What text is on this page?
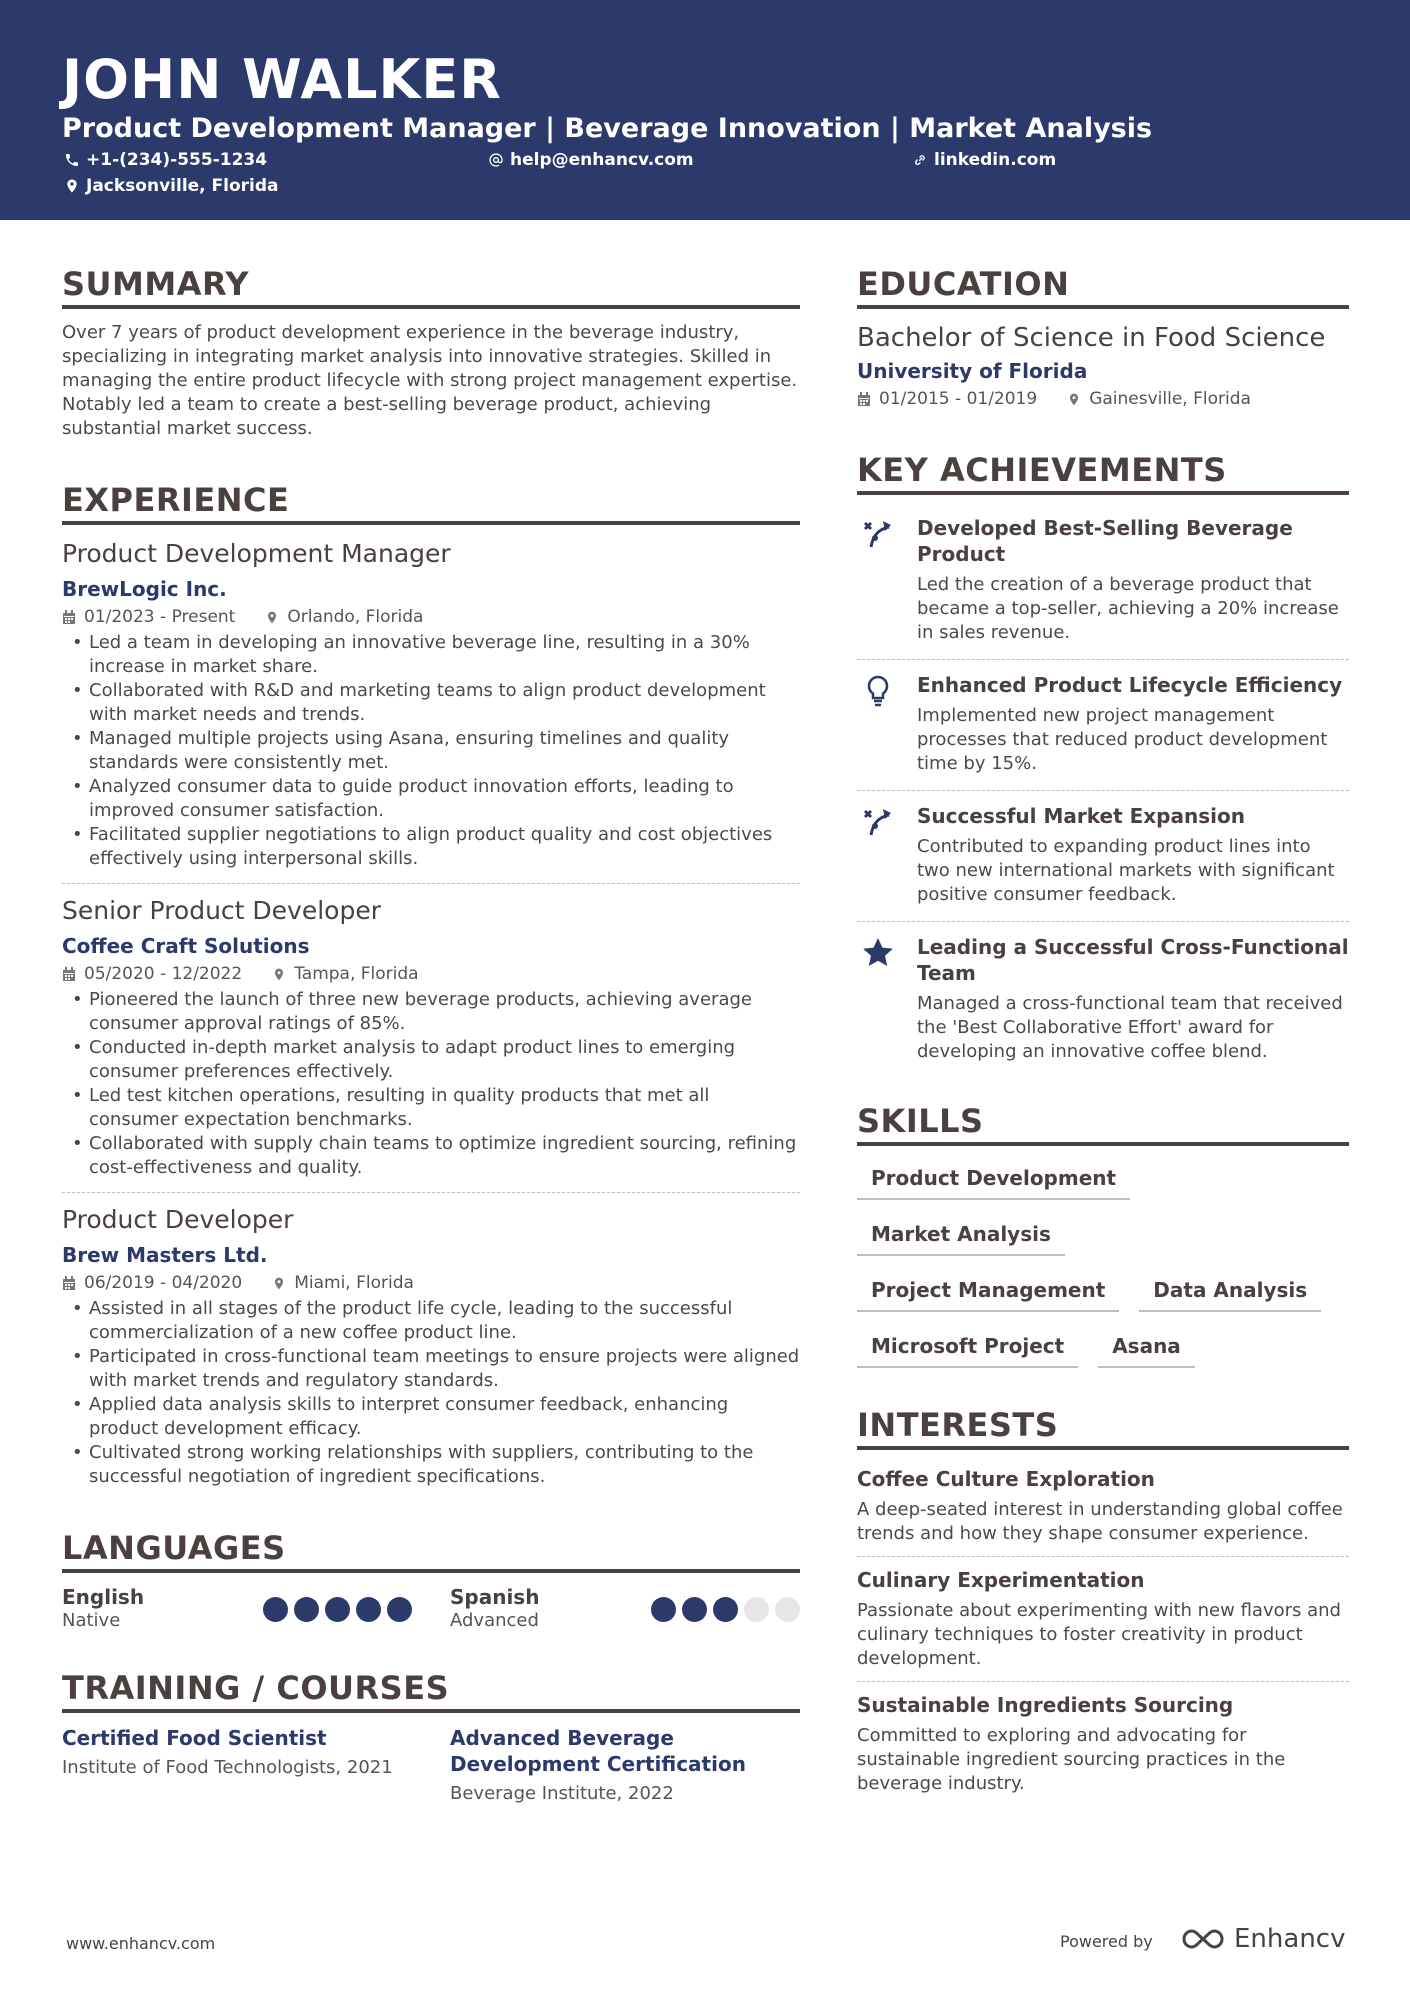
JOHN WALKER
Product Development Manager | Beverage Innovation | Market Analysis
+1-(234)-555-1234	help@enhancv.com	linkedin.com
Jacksonville, Florida
SUMMARY
Over 7 years of product development experience in the beverage industry, specializing in integrating market analysis into innovative strategies. Skilled in managing the entire product lifecycle with strong project management expertise. Notably led a team to create a best-selling beverage product, achieving substantial market success.
EXPERIENCE
Product Development Manager
BrewLogic Inc.
01/2023 - Present	Orlando, Florida
• Led a team in developing an innovative beverage line, resulting in a 30% increase in market share.
• Collaborated with R&D and marketing teams to align product development with market needs and trends.
• Managed multiple projects using Asana, ensuring timelines and quality standards were consistently met.
• Analyzed consumer data to guide product innovation efforts, leading to improved consumer satisfaction.
• Facilitated supplier negotiations to align product quality and cost objectives effectively using interpersonal skills.
Senior Product Developer
Coffee Craft Solutions
05/2020 - 12/2022	Tampa, Florida
• Pioneered the launch of three new beverage products, achieving average consumer approval ratings of 85%.
• Conducted in-depth market analysis to adapt product lines to emerging consumer preferences effectively.
• Led test kitchen operations, resulting in quality products that met all consumer expectation benchmarks.
• Collaborated with supply chain teams to optimize ingredient sourcing, refining cost-effectiveness and quality.
Product Developer
Brew Masters Ltd.
06/2019 - 04/2020	Miami, Florida
• Assisted in all stages of the product life cycle, leading to the successful commercialization of a new coffee product line.
• Participated in cross-functional team meetings to ensure projects were aligned with market trends and regulatory standards.
• Applied data analysis skills to interpret consumer feedback, enhancing product development efficacy.
• Cultivated strong working relationships with suppliers, contributing to the successful negotiation of ingredient specifications.
LANGUAGES
English
Native
Spanish
Advanced
TRAINING / COURSES
Certified Food Scientist
Institute of Food Technologists, 2021
Advanced Beverage Development Certification
Beverage Institute, 2022
EDUCATION
Bachelor of Science in Food Science
University of Florida
01/2015 - 01/2019	Gainesville, Florida
KEY ACHIEVEMENTS
Developed Best-Selling Beverage Product
Led the creation of a beverage product that became a top-seller, achieving a 20% increase in sales revenue.
Enhanced Product Lifecycle Efficiency
Implemented new project management processes that reduced product development time by 15%.
Successful Market Expansion
Contributed to expanding product lines into two new international markets with significant positive consumer feedback.
Leading a Successful Cross-Functional Team
Managed a cross-functional team that received the 'Best Collaborative Effort' award for developing an innovative coffee blend.
SKILLS
Product Development
Market Analysis
Project Management	Data Analysis
Microsoft Project	Asana
INTERESTS
Coffee Culture Exploration
A deep-seated interest in understanding global coffee trends and how they shape consumer experience.
Culinary Experimentation
Passionate about experimenting with new flavors and culinary techniques to foster creativity in product development.
Sustainable Ingredients Sourcing
Committed to exploring and advocating for sustainable ingredient sourcing practices in the beverage industry.
www.enhancv.com	Powered by	Enhancv
